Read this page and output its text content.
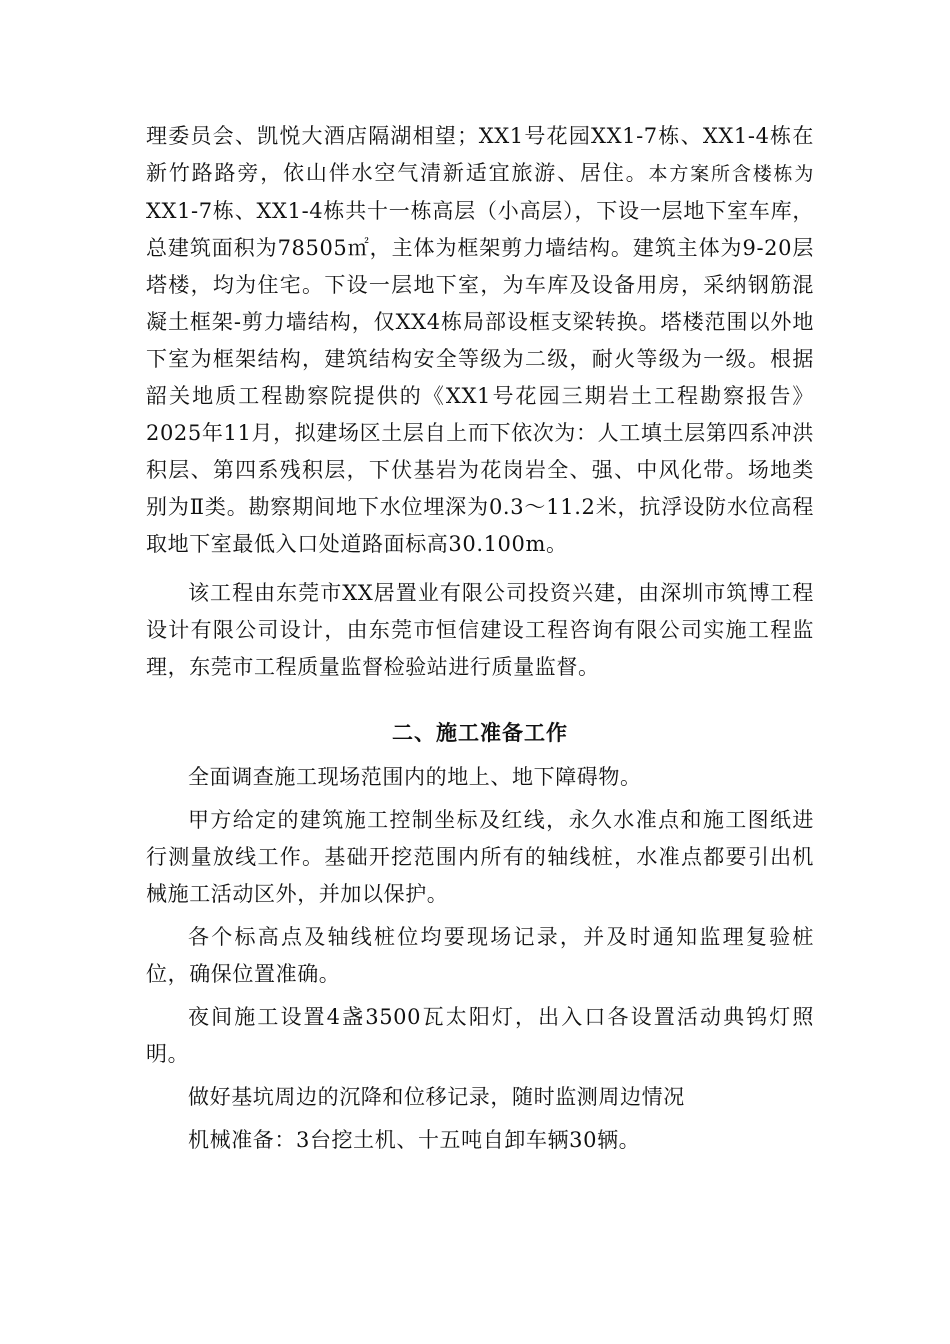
理委员会、凯悦大酒店隔湖相望；XX1号花园XX1-7栋、XX1-4栋在新竹路路旁，依山伴水空气清新适宜旅游、居住。本方案所含楼栋为XX1-7栋、XX1-4栋共十一栋高层（小高层），下设一层地下室车库，总建筑面积为78505㎡，主体为框架剪力墙结构。建筑主体为9-20层塔楼，均为住宅。下设一层地下室，为车库及设备用房，采纳钢筋混凝土框架-剪力墙结构，仅XX4栋局部设框支梁转换。塔楼范围以外地下室为框架结构，建筑结构安全等级为二级，耐火等级为一级。根据韶关地质工程勘察院提供的《XX1号花园三期岩土工程勘察报告》2025年11月，拟建场区土层自上而下依次为：人工填土层第四系冲洪积层、第四系残积层，下伏基岩为花岗岩全、强、中风化带。场地类别为Ⅱ类。勘察期间地下水位埋深为0.3～11.2米，抗浮设防水位高程取地下室最低入口处道路面标高30.100m。

该工程由东莞市XX居置业有限公司投资兴建，由深圳市筑博工程设计有限公司设计，由东莞市恒信建设工程咨询有限公司实施工程监理，东莞市工程质量监督检验站进行质量监督。

二、施工准备工作

全面调查施工现场范围内的地上、地下障碍物。

甲方给定的建筑施工控制坐标及红线，永久水准点和施工图纸进行测量放线工作。基础开挖范围内所有的轴线桩，水准点都要引出机械施工活动区外，并加以保护。

各个标高点及轴线桩位均要现场记录，并及时通知监理复验桩位，确保位置准确。

夜间施工设置4盏3500瓦太阳灯，出入口各设置活动典钨灯照明。

做好基坑周边的沉降和位移记录，随时监测周边情况

机械准备：3台挖土机、十五吨自卸车辆30辆。
